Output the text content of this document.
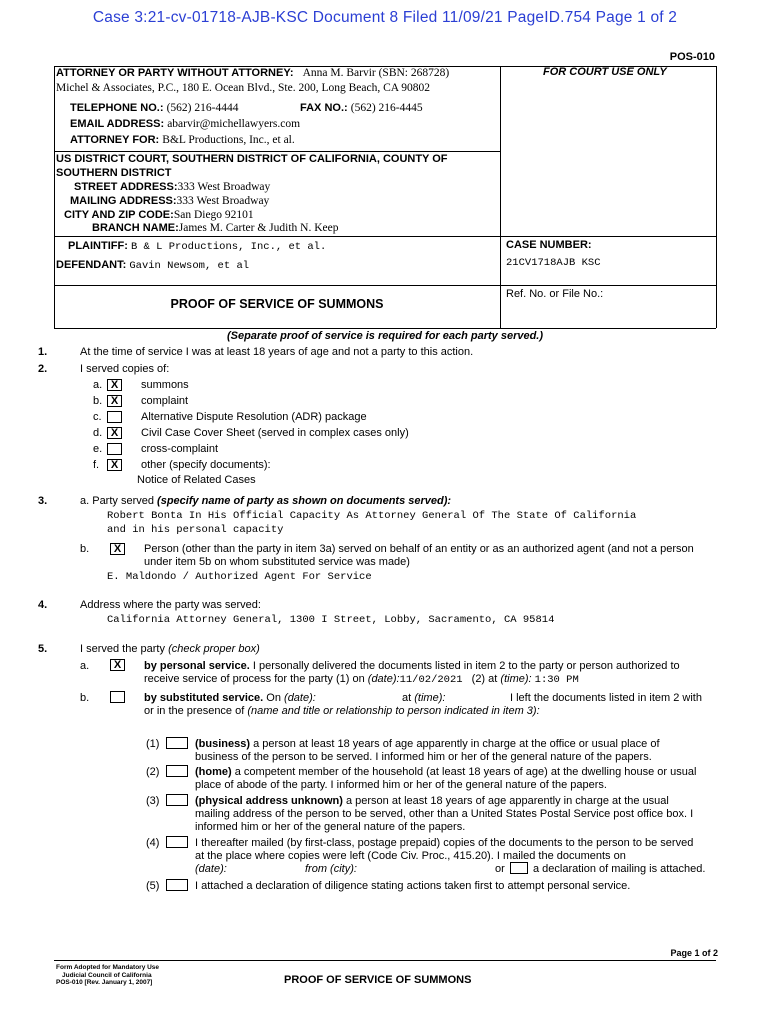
Case 3:21-cv-01718-AJB-KSC Document 8 Filed 11/09/21 PageID.754 Page 1 of 2
POS-010
FOR COURT USE ONLY
ATTORNEY OR PARTY WITHOUT ATTORNEY: Anna M. Barvir (SBN: 268728)
Michel & Associates, P.C., 180 E. Ocean Blvd., Ste. 200, Long Beach, CA 90802
TELEPHONE NO.: (562) 216-4444	FAX NO.: (562) 216-4445
EMAIL ADDRESS: abarvir@michellawyers.com
ATTORNEY FOR: B&L Productions, Inc., et al.
US DISTRICT COURT, SOUTHERN DISTRICT OF CALIFORNIA, COUNTY OF
SOUTHERN DISTRICT
STREET ADDRESS:333 West Broadway
MAILING ADDRESS:333 West Broadway
CITY AND ZIP CODE:San Diego 92101
BRANCH NAME:James M. Carter & Judith N. Keep
PLAINTIFF: B & L Productions, Inc., et al.
DEFENDANT: Gavin Newsom, et al
CASE NUMBER:
21CV1718AJB KSC
Ref. No. or File No.:
PROOF OF SERVICE OF SUMMONS
(Separate proof of service is required for each party served.)
1.	At the time of service I was at least 18 years of age and not a party to this action.
2.	I served copies of:
a. X	summons
b. X	complaint
c.	Alternative Dispute Resolution (ADR) package
d. X	Civil Case Cover Sheet (served in complex cases only)
e.	cross-complaint
f.	X	other (specify documents):
Notice of Related Cases
3.	a. Party served (specify name of party as shown on documents served):
Robert Bonta In His Official Capacity As Attorney General Of The State Of California
and in his personal capacity
b.	X	Person (other than the party in item 3a) served on behalf of an entity or as an authorized agent (and not a person
under item 5b on whom substituted service was made)
E. Maldondo / Authorized Agent For Service
4.	Address where the party was served:
California Attorney General, 1300 I Street, Lobby, Sacramento, CA 95814
5.	I served the party (check proper box)
a.	X	by personal service. I personally delivered the documents listed in item 2 to the party or person authorized to
receive service of process for the party (1) on (date):11/02/2021 (2) at (time): 1:30 PM
b.	by substituted service. On (date):	at (time):	I left the documents listed in item 2 with
or in the presence of (name and title or relationship to person indicated in item 3):
(1)	(business) a person at least 18 years of age apparently in charge at the office or usual place of
business of the person to be served. I informed him or her of the general nature of the papers.
(2)	(home) a competent member of the household (at least 18 years of age) at the dwelling house or usual
place of abode of the party. I informed him or her of the general nature of the papers.
(3)	(physical address unknown) a person at least 18 years of age apparently in charge at the usual
mailing address of the person to be served, other than a United States Postal Service post office box. I
informed him or her of the general nature of the papers.
(4)	I thereafter mailed (by first-class, postage prepaid) copies of the documents to the person to be served
at the place where copies were left (Code Civ. Proc., 415.20). I mailed the documents on
(date):	from (city):	or	a declaration of mailing is attached.
(5)	I attached a declaration of diligence stating actions taken first to attempt personal service.
Page 1 of 2
Form Adopted for Mandatory Use
Judicial Council of California
POS-010 [Rev. January 1, 2007]	PROOF OF SERVICE OF SUMMONS
